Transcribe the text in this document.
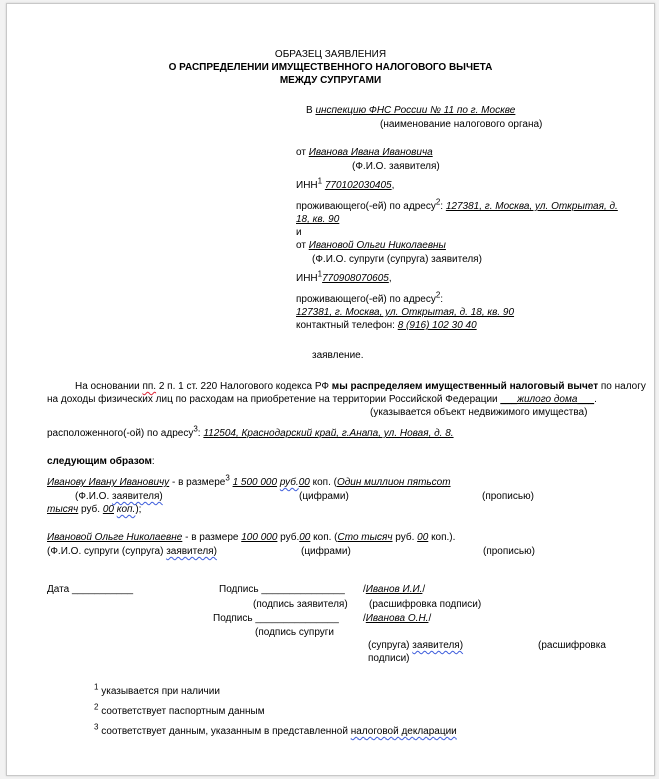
ОБРАЗЕЦ ЗАЯВЛЕНИЯ
О РАСПРЕДЕЛЕНИИ ИМУЩЕСТВЕННОГО НАЛОГОВОГО ВЫЧЕТА
МЕЖДУ СУПРУГАМИ
В инспекцию ФНС России № 11 по г. Москве
(наименование налогового органа)
от Иванова Ивана Ивановича
(Ф.И.О. заявителя)
ИНН$^1$ 770102030405,
проживающего(-ей) по адресу$^2$: 127381, г. Москва, ул. Открытая, д.
18, кв. 90
и
от Ивановой Ольги Николаевны
(Ф.И.О. супруги (супруга) заявителя)
ИНН$^1$770908070605,
проживающего(-ей) по адресу$^2$:
127381, г. Москва, ул. Открытая, д. 18, кв. 90
контактный телефон: 8 (916) 102 30 40
заявление.
На основании пп. 2 п. 1 ст. 220 Налогового кодекса РФ мы распределяем имущественный налоговый вычет по налогу
на доходы физических лиц по расходам на приобретение на территории Российской Федерации ___жилого дома___.
(указывается объект недвижимого имущества)
расположенного(-ой) по адресу$^3$: 112504, Краснодарский край, г.Анапа, ул. Новая, д. 8.
следующим образом:
Иванову Ивану Ивановичу - в размере$^3$ 1 500 000 руб.00 коп. (Один миллион пятьсот
(Ф.И.О. заявителя)	(цифрами)	(прописью)
тысяч руб. 00 коп.);
Ивановой Ольге Николаевне - в размере 100 000 руб.00 коп. (Сто тысяч руб. 00 коп.).
(Ф.И.О. супруги (супруга) заявителя)	(цифрами)	(прописью)
Дата ___________	Подпись _______________ /Иванов И.И./
(подпись заявителя) (расшифровка подписи)
Подпись _______________ /Иванова О.Н./
(подпись супруги
(супруга) заявителя)	(расшифровка
подписи)
$^1$ указывается при наличии
$^2$ соответствует паспортным данным
$^3$ соответствует данным, указанным в представленной налоговой декларации
